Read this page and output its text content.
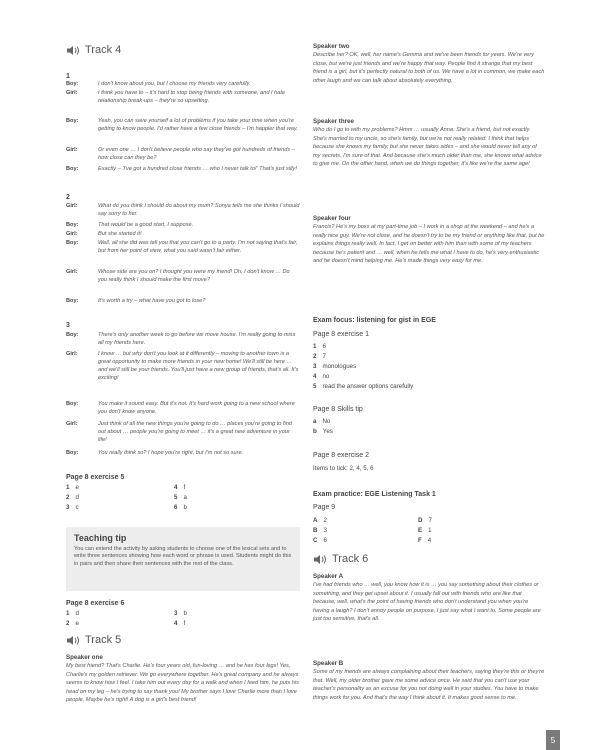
Track 4
1
Boy:	I don't know about you, but I choose my friends very carefully.
Girl:	I think you have to – it's hard to stop being friends with someone, and I hate relationship break-ups – they're so upsetting.
Boy:	Yeah, you can save yourself a lot of problems if you take your time when you're getting to know people. I'd rather have a few close friends – I'm happier that way.
Girl:	Or even one … I don't believe people who say they've got hundreds of friends – how close can they be?
Boy:	Exactly – 'I've got a hundred close friends … who I never talk to!' That's just silly!
2
Girl:	What do you think I should do about my mum? Sonya tells me she thinks I should say sorry to her.
Boy:	That would be a good start, I suppose.
Girl:	But she started it!
Boy:	Well, all she did was tell you that you can't go to a party. I'm not saying that's fair, but from her point of view, what you said wasn't fair either.
Girl:	Whose side are you on? I thought you were my friend! Oh, I don't know … Do you really think I should make the first move?
Boy:	It's worth a try – what have you got to lose?
3
Boy:	There's only another week to go before we move house. I'm really going to miss all my friends here.
Girl:	I know … but why don't you look at it differently – moving to another town is a great opportunity to make more friends in your new home! We'll still be here … and we'll still be your friends. You'll just have a new group of friends, that's all. It's exciting!
Boy:	You make it sound easy. But it's not. It's hard work going to a new school where you don't know anyone.
Girl:	Just think of all the new things you're going to do … places you're going to find out about … people you're going to meet … it's a great new adventure in your life!
Boy:	You really think so? I hope you're right, but I'm not so sure.
Page 8 exercise 5
1 e
2 d
3 c
4 f
5 a
6 b
Teaching tip
You can extend the activity by asking students to choose one of the lexical sets and to write three sentences showing how each word or phrase is used. Students might do this in pairs and then share their sentences with the rest of the class.
Page 8 exercise 6
1 d
2 e
3 b
4 f
Track 5
Speaker one
My best friend? That's Charlie. He's four years old, fun-loving … and he has four legs! Yes, Charlie's my golden retriever. We go everywhere together. He's great company and he always seems to know how I feel. I take him out every day for a walk and when I feed him, he puts his head on my leg – he's trying to say thank you! My brother says I love Charlie more than I love people. Maybe he's right! A dog is a girl's best friend!
Speaker two
Describe her? OK, well, her name's Gemma and we've been friends for years. We're very close, but we're just friends and we're happy that way. People find it strange that my best friend is a girl, but it's perfectly natural to both of us. We have a lot in common, we make each other laugh and we can talk about absolutely everything.
Speaker three
Who do I go to with my problems? Hmm … usually Anna. She's a friend, but not exactly. She's married to my uncle, so she's family, but we're not really related. I think that helps because she knows my family, but she never takes sides – and she would never tell any of my secrets. I'm sure of that. And because she's much older than me, she knows what advice to give me. On the other hand, when we do things together, it's like we're the same age!
Speaker four
Francis? He's my boss at my part-time job – I work in a shop at the weekend – and he's a really nice guy. We're not close, and he doesn't try to be my friend or anything like that, but he explains things really well. In fact, I get on better with him than with some of my teachers because he's patient and … well, when he tells me what I have to do, he's very enthusiastic and he doesn't mind helping me. He's made things very easy for me.
Exam focus: listening for gist in EGE
Page 8 exercise 1
1 6
2 7
3 monologues
4 no
5 read the answer options carefully
Page 8 Skills tip
a No
b Yes
Page 8 exercise 2
Items to tick: 2, 4, 5, 6
Exam practice: EGE Listening Task 1
Page 9
A 2
B 3
C 6
D 7
E 1
F 4
Track 6
Speaker A
I've had friends who … well, you know how it is … you say something about their clothes or something, and they get upset about it. I usually fall out with friends who are like that because, well, what's the point of having friends who don't understand you when you're having a laugh? I don't annoy people on purpose, I just say what I want to. Some people are just too sensitive, that's all.
Speaker B
Some of my friends are always complaining about their teachers, saying they're this or they're that. Well, my older brother gave me some advice once. He said that you can't use your teacher's personality as an excuse for you not doing well in your studies. You have to make things work for you. And that's the way I think about it. It makes good sense to me.
5
